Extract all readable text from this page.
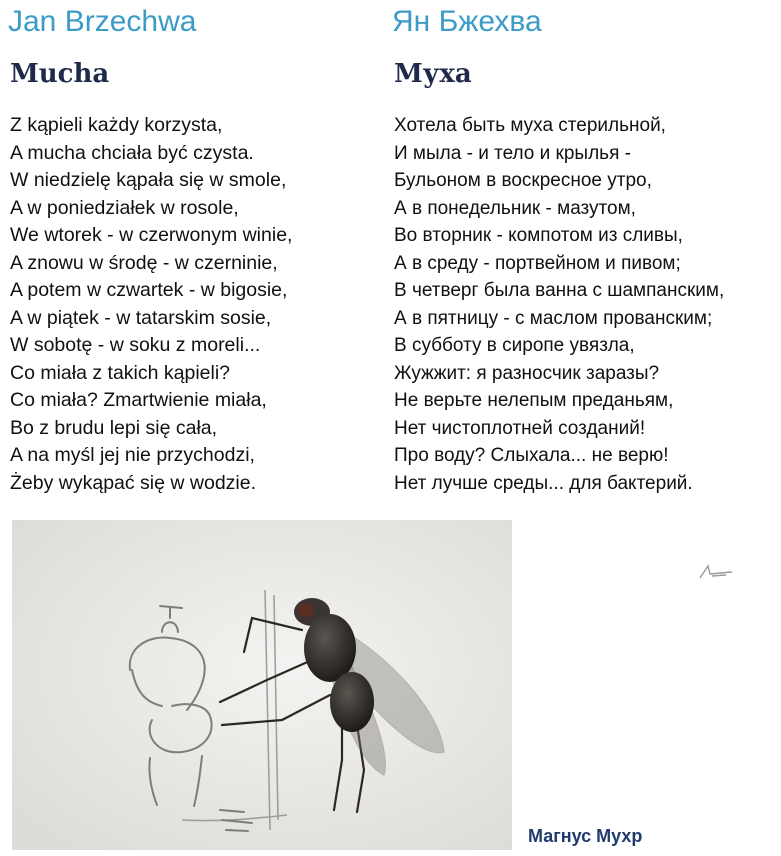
Jan Brzechwa
Mucha
Z kąpieli każdy korzysta,
A mucha chciała być czysta.
W niedzielę kąpała się w smole,
A w poniedziałek w rosole,
We wtorek - w czerwonym winie,
A znowu w środę - w czerninie,
A potem w czwartek - w bigosie,
A w piątek - w tatarskim sosie,
W sobotę - w soku z moreli...
Co miała z takich kąpieli?
Co miała? Zmartwienie miała,
Bo z brudu lepi się cała,
A na myśl jej nie przychodzi,
Żeby wykąpać się w wodzie.
Ян Бжехва
Муха
Хотела быть муха стерильной,
И мыла - и тело и крылья -
Бульоном в воскресное утро,
А в понедельник - мазутом,
Во вторник - компотом из сливы,
А в среду - портвейном и пивом;
В четверг была ванна с шампанским,
А в пятницу - с маслом прованским;
В субботу в сиропе увязла,
Жужжит: я разносчик заразы?
Не верьте нелепым преданьям,
Нет чистоплотней созданий!
Про воду? Слыхала... не верю!
Нет лучше среды... для бактерий.
Магнус Мухр
